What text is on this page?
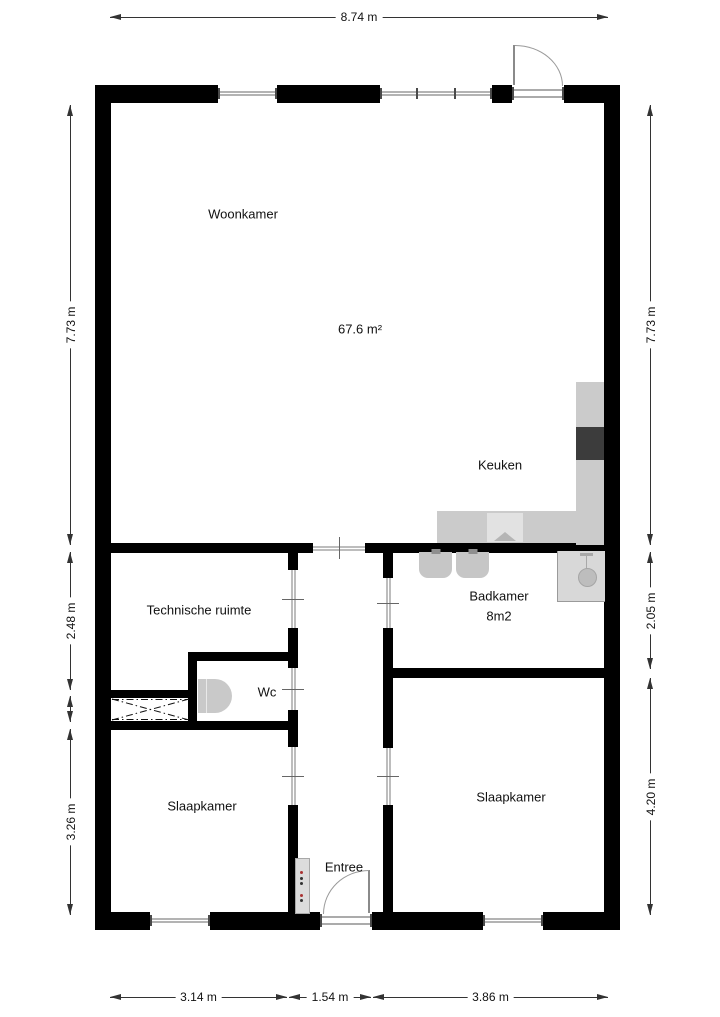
8.74 m
3.14 m	1.54 m	3.86 m
7.73 m
2.48 m
3.26 m
7.73 m
2.05 m
4.20 m
Woonkamer
67.6 m²
Keuken
Technische ruimte
Wc
Badkamer
8m2
Slaapkamer
Slaapkamer
Entree
